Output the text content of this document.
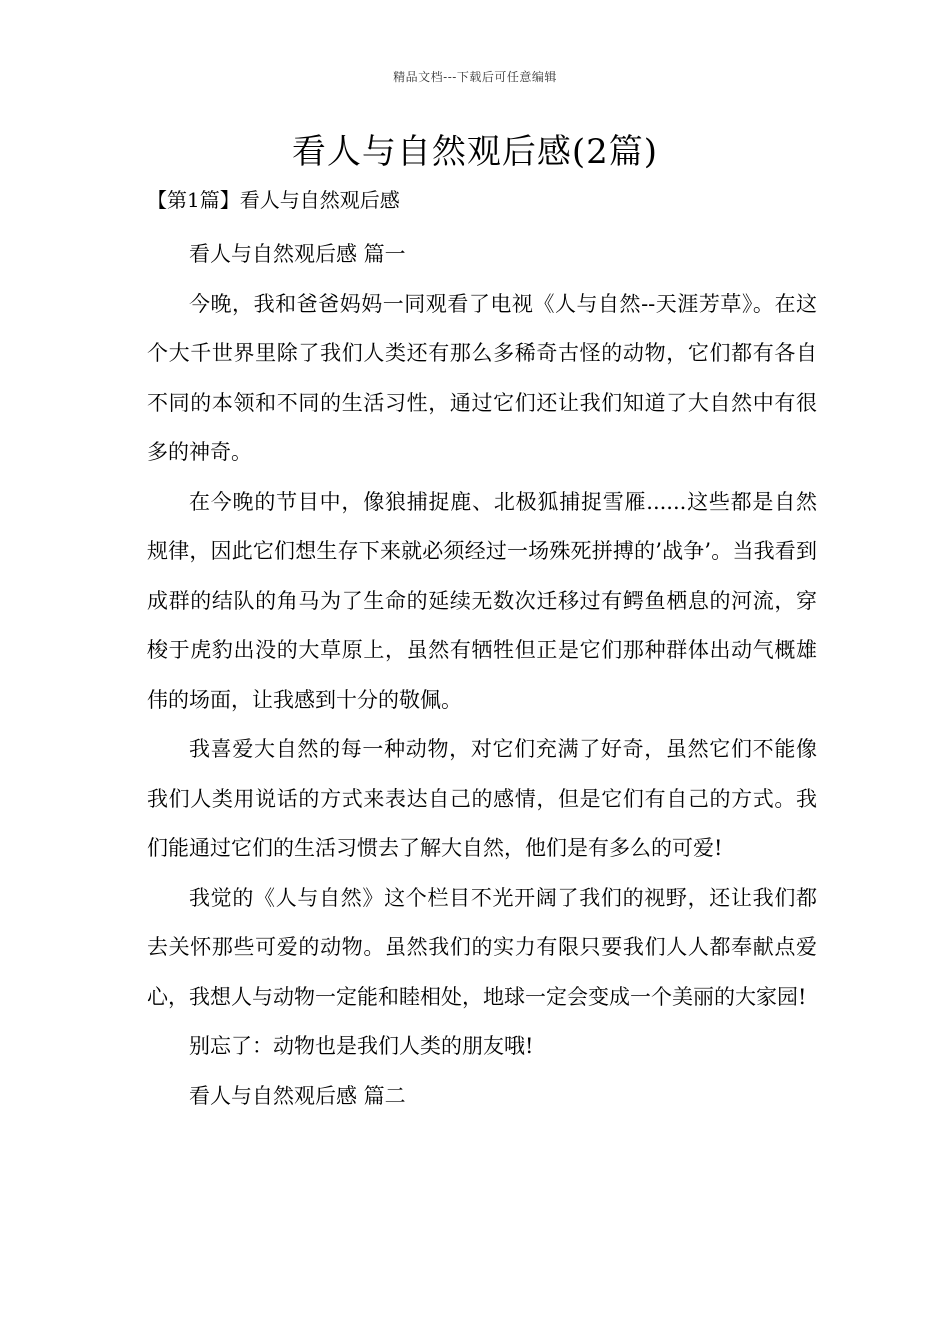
精品文档---下载后可任意编辑
看人与自然观后感(2篇)
【第1篇】看人与自然观后感

看人与自然观后感 篇一

今晚，我和爸爸妈妈一同观看了电视《人与自然--天涯芳草》。在这个大千世界里除了我们人类还有那么多稀奇古怪的动物，它们都有各自不同的本领和不同的生活习性，通过它们还让我们知道了大自然中有很多的神奇。

在今晚的节目中，像狼捕捉鹿、北极狐捕捉雪雁......这些都是自然规律，因此它们想生存下来就必须经过一场殊死拼搏的’战争’。当我看到成群的结队的角马为了生命的延续无数次迁移过有鳄鱼栖息的河流，穿梭于虎豹出没的大草原上，虽然有牺牲但正是它们那种群体出动气概雄伟的场面，让我感到十分的敬佩。

我喜爱大自然的每一种动物，对它们充满了好奇，虽然它们不能像我们人类用说话的方式来表达自己的感情，但是它们有自己的方式。我们能通过它们的生活习惯去了解大自然，他们是有多么的可爱!

我觉的《人与自然》这个栏目不光开阔了我们的视野，还让我们都去关怀那些可爱的动物。虽然我们的实力有限只要我们人人都奉献点爱心，我想人与动物一定能和睦相处，地球一定会变成一个美丽的大家园!

别忘了：动物也是我们人类的朋友哦!

看人与自然观后感 篇二
